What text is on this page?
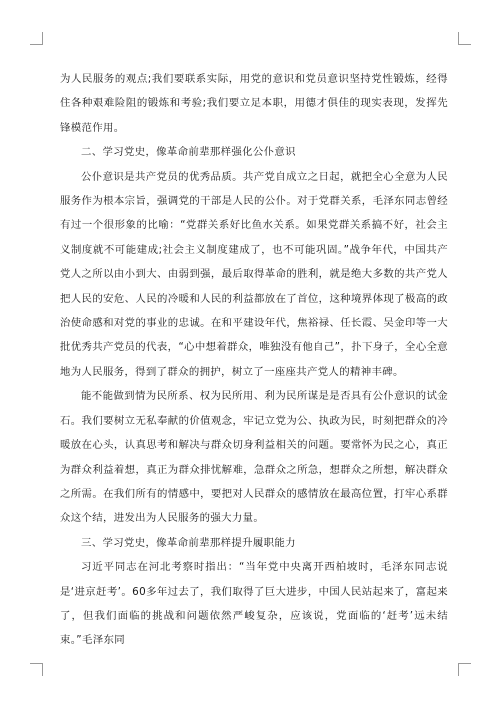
为人民服务的观点;我们要联系实际，用党的意识和党员意识坚持党性锻炼，经得住各种艰难险阻的锻炼和考验;我们要立足本职，用德才俱佳的现实表现，发挥先锋模范作用。

二、学习党史，像革命前辈那样强化公仆意识

公仆意识是共产党员的优秀品质。共产党自成立之日起，就把全心全意为人民服务作为根本宗旨，强调党的干部是人民的公仆。对于党群关系，毛泽东同志曾经有过一个很形象的比喻：“党群关系好比鱼水关系。如果党群关系搞不好，社会主义制度就不可能建成;社会主义制度建成了，也不可能巩固。”战争年代，中国共产党人之所以由小到大、由弱到强，最后取得革命的胜利，就是绝大多数的共产党人把人民的安危、人民的冷暖和人民的利益都放在了首位，这种境界体现了极高的政治使命感和对党的事业的忠诚。在和平建设年代，焦裕禄、任长霞、吴金印等一大批优秀共产党员的代表，“心中想着群众，唯独没有他自己”，扑下身子，全心全意地为人民服务，得到了群众的拥护，树立了一座座共产党人的精神丰碑。

能不能做到情为民所系、权为民所用、利为民所谋是是否具有公仆意识的试金石。我们要树立无私奉献的价值观念，牢记立党为公、执政为民，时刻把群众的冷暖放在心头，认真思考和解决与群众切身利益相关的问题。要常怀为民之心，真正为群众利益着想，真正为群众排忧解难，急群众之所急，想群众之所想，解决群众之所需。在我们所有的情感中，要把对人民群众的感情放在最高位置，打牢心系群众这个结，进发出为人民服务的强大力量。

三、学习党史，像革命前辈那样提升履职能力

习近平同志在河北考察时指出：“当年党中央离开西柏坡时，毛泽东同志说是‘进京赶考’。60多年过去了，我们取得了巨大进步，中国人民站起来了，富起来了，但我们面临的挑战和问题依然严峻复杂，应该说，党面临的‘赶考’远未结束。”毛泽东同
